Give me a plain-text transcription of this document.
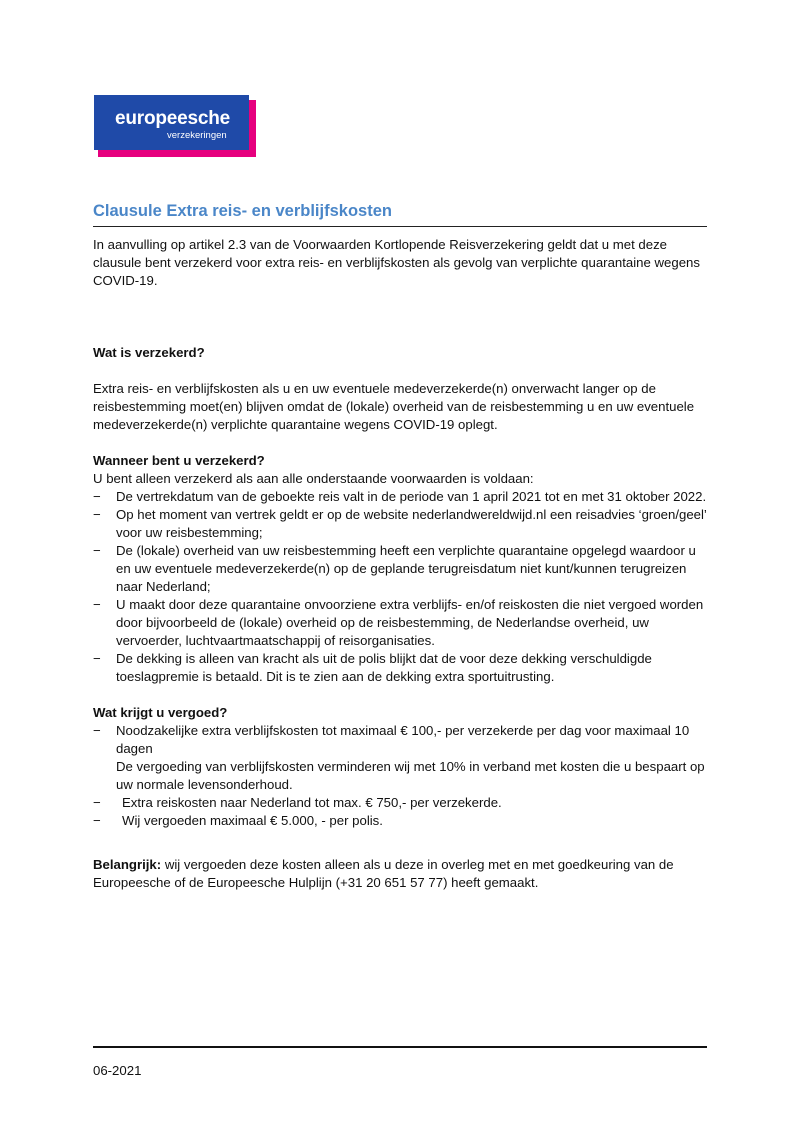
europeesche
verzekeringen
Clausule Extra reis- en verblijfskosten

In aanvulling op artikel 2.3 van de Voorwaarden Kortlopende Reisverzekering geldt dat u met deze clausule bent verzekerd voor extra reis- en verblijfskosten als gevolg van verplichte quarantaine wegens COVID-19.

Wat is verzekerd?

Extra reis- en verblijfskosten als u en uw eventuele medeverzekerde(n) onverwacht langer op de reisbestemming moet(en) blijven omdat de (lokale) overheid van de reisbestemming u en uw eventuele medeverzekerde(n) verplichte quarantaine wegens COVID-19 oplegt.

Wanneer bent u verzekerd?

U bent alleen verzekerd als aan alle onderstaande voorwaarden is voldaan:

− De vertrekdatum van de geboekte reis valt in de periode van 1 april 2021 tot en met 31 oktober 2022.
− Op het moment van vertrek geldt er op de website nederlandwereldwijd.nl een reisadvies ‘groen/geel’ voor uw reisbestemming;
− De (lokale) overheid van uw reisbestemming heeft een verplichte quarantaine opgelegd waardoor u en uw eventuele medeverzekerde(n) op de geplande terugreisdatum niet kunt/kunnen terugreizen naar Nederland;
− U maakt door deze quarantaine onvoorziene extra verblijfs- en/of reiskosten die niet vergoed worden door bijvoorbeeld de (lokale) overheid op de reisbestemming, de Nederlandse overheid, uw vervoerder, luchtvaartmaatschappij of reisorganisaties.
− De dekking is alleen van kracht als uit de polis blijkt dat de voor deze dekking verschuldigde toeslagpremie is betaald. Dit is te zien aan de dekking extra sportuitrusting.

Wat krijgt u vergoed?

− Noodzakelijke extra verblijfskosten tot maximaal € 100,- per verzekerde per dag voor maximaal 10 dagen
De vergoeding van verblijfskosten verminderen wij met 10% in verband met kosten die u bespaart op uw normale levensonderhoud.
− Extra reiskosten naar Nederland tot max. € 750,- per verzekerde.
− Wij vergoeden maximaal € 5.000, - per polis.

Belangrijk: wij vergoeden deze kosten alleen als u deze in overleg met en met goedkeuring van de Europeesche of de Europeesche Hulplijn (+31 20 651 57 77) heeft gemaakt.

06-2021
